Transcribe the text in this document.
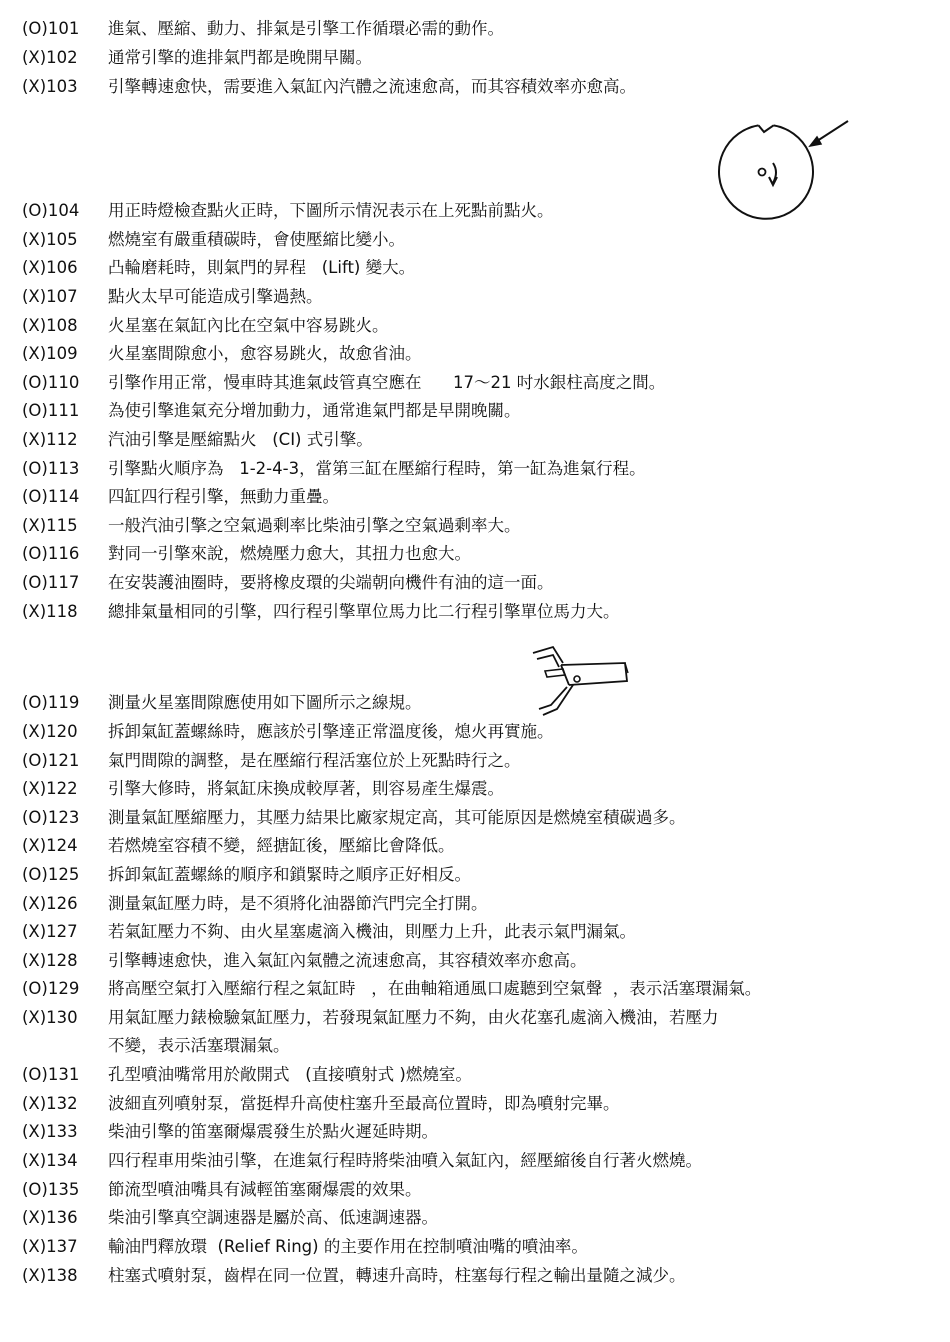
(O)101	進氣、壓縮、動力、排氣是引擎工作循環必需的動作。
(X)102	通常引擎的進排氣門都是晚開早關。
(X)103	引擎轉速愈快，需要進入氣缸內汽體之流速愈高，而其容積效率亦愈高。
(O)104	用正時燈檢查點火正時，下圖所示情況表示在上死點前點火。
(X)105	燃燒室有嚴重積碳時，會使壓縮比變小。
(X)106	凸輪磨耗時，則氣門的昇程   (Lift) 變大。
(X)107	點火太早可能造成引擎過熱。
(X)108	火星塞在氣缸內比在空氣中容易跳火。
(X)109	火星塞間隙愈小，愈容易跳火，故愈省油。
(O)110	引擎作用正常，慢車時其進氣歧管真空應在      17～21 吋水銀柱高度之間。
(O)111	為使引擎進氣充分增加動力，通常進氣門都是早開晚關。
(X)112	汽油引擎是壓縮點火   (CI) 式引擎。
(O)113	引擎點火順序為   1-2-4-3，當第三缸在壓縮行程時，第一缸為進氣行程。
(O)114	四缸四行程引擎，無動力重疊。
(X)115	一般汽油引擎之空氣過剩率比柴油引擎之空氣過剩率大。
(O)116	對同一引擎來說，燃燒壓力愈大，其扭力也愈大。
(O)117	在安裝護油圈時，要將橡皮環的尖端朝向機件有油的這一面。
(X)118	總排氣量相同的引擎，四行程引擎單位馬力比二行程引擎單位馬力大。
(O)119	測量火星塞間隙應使用如下圖所示之線規。
(X)120	拆卸氣缸蓋螺絲時，應該於引擎達正常溫度後，熄火再實施。
(O)121	氣門間隙的調整，是在壓縮行程活塞位於上死點時行之。
(X)122	引擎大修時，將氣缸床換成較厚著，則容易產生爆震。
(O)123	測量氣缸壓縮壓力，其壓力結果比廠家規定高，其可能原因是燃燒室積碳過多。
(X)124	若燃燒室容積不變，經搪缸後，壓縮比會降低。
(O)125	拆卸氣缸蓋螺絲的順序和鎖緊時之順序正好相反。
(X)126	測量氣缸壓力時，是不須將化油器節汽門完全打開。
(X)127	若氣缸壓力不夠、由火星塞處滴入機油，則壓力上升，此表示氣門漏氣。
(X)128	引擎轉速愈快，進入氣缸內氣體之流速愈高，其容積效率亦愈高。
(O)129	將高壓空氣打入壓縮行程之氣缸時   ，在曲軸箱通風口處聽到空氣聲  ，表示活塞環漏氣。
(X)130	用氣缸壓力錶檢驗氣缸壓力，若發現氣缸壓力不夠，由火花塞孔處滴入機油，若壓力
不變，表示活塞環漏氣。
(O)131	孔型噴油嘴常用於敞開式   (直接噴射式 )燃燒室。
(X)132	波細直列噴射泵，當挺桿升高使柱塞升至最高位置時，即為噴射完畢。
(X)133	柴油引擎的笛塞爾爆震發生於點火遲延時期。
(X)134	四行程車用柴油引擎，在進氣行程時將柴油噴入氣缸內，經壓縮後自行著火燃燒。
(O)135	節流型噴油嘴具有減輕笛塞爾爆震的效果。
(X)136	柴油引擎真空調速器是屬於高、低速調速器。
(X)137	輸油門釋放環  (Relief Ring) 的主要作用在控制噴油嘴的噴油率。
(X)138	柱塞式噴射泵，齒桿在同一位置，轉速升高時，柱塞每行程之輸出量隨之減少。
